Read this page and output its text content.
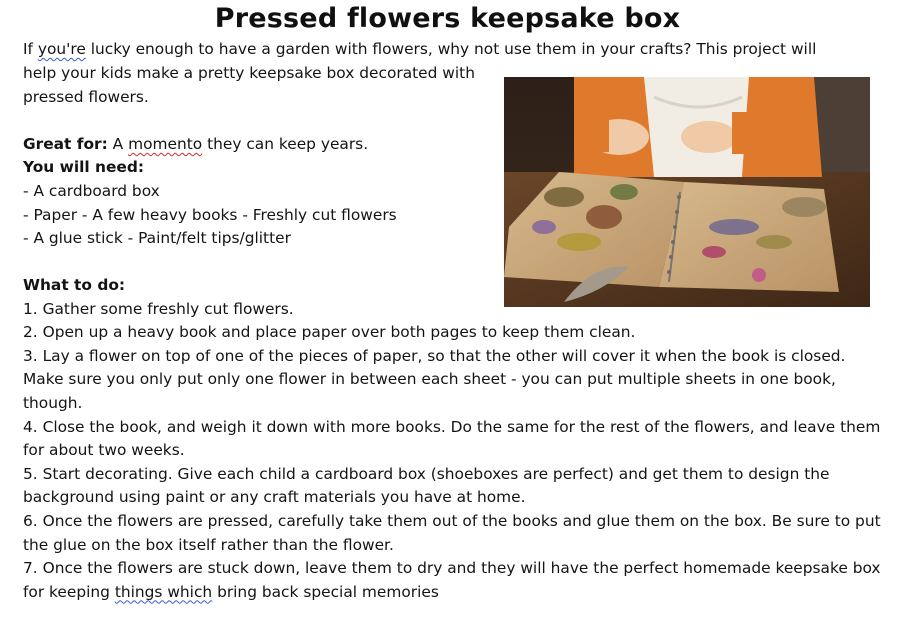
Pressed flowers keepsake box
If you're lucky enough to have a garden with flowers, why not use them in your crafts? This project will
help your kids make a pretty keepsake box decorated with
pressed flowers.

Great for: A momento they can keep years.
You will need:
- A cardboard box
- Paper - A few heavy books - Freshly cut flowers
- A glue stick - Paint/felt tips/glitter

What to do:

1. Gather some freshly cut flowers.
2. Open up a heavy book and place paper over both pages to keep them clean.
3. Lay a flower on top of one of the pieces of paper, so that the other will cover it when the book is closed. Make sure you only put only one flower in between each sheet - you can put multiple sheets in one book, though.
4. Close the book, and weigh it down with more books. Do the same for the rest of the flowers, and leave them for about two weeks.
5. Start decorating. Give each child a cardboard box (shoeboxes are perfect) and get them to design the background using paint or any craft materials you have at home.
6. Once the flowers are pressed, carefully take them out of the books and glue them on the box. Be sure to put the glue on the box itself rather than the flower.
7. Once the flowers are stuck down, leave them to dry and they will have the perfect homemade keepsake box for keeping things which bring back special memories
